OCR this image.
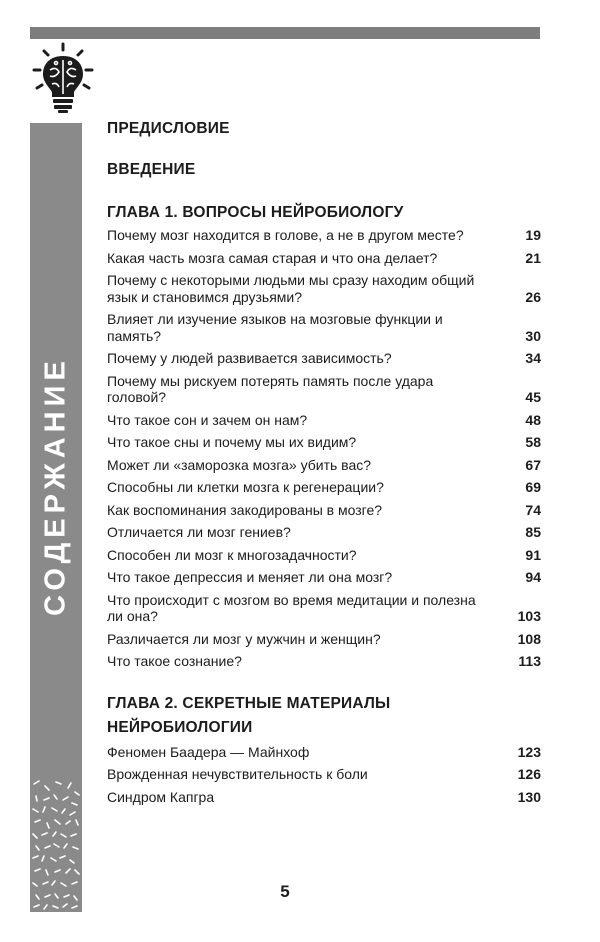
СОДЕРЖАНИЕ
ПРЕДИСЛОВИЕ
ВВЕДЕНИЕ
ГЛАВА 1. ВОПРОСЫ НЕЙРОБИОЛОГУ
Почему мозг находится в голове, а не в другом месте?	19
Какая часть мозга самая старая и что она делает?	21
Почему с некоторыми людьми мы сразу находим общий язык и становимся друзьями?	26
Влияет ли изучение языков на мозговые функции и память?	30
Почему у людей развивается зависимость?	34
Почему мы рискуем потерять память после удара головой?	45
Что такое сон и зачем он нам?	48
Что такое сны и почему мы их видим?	58
Может ли «заморозка мозга» убить вас?	67
Способны ли клетки мозга к регенерации?	69
Как воспоминания закодированы в мозге?	74
Отличается ли мозг гениев?	85
Способен ли мозг к многозадачности?	91
Что такое депрессия и меняет ли она мозг?	94
Что происходит с мозгом во время медитации и полезна ли она?	103
Различается ли мозг у мужчин и женщин?	108
Что такое сознание?	113
ГЛАВА 2. СЕКРЕТНЫЕ МАТЕРИАЛЫ
НЕЙРОБИОЛОГИИ
Феномен Баадера — Майнхоф	123
Врожденная нечувствительность к боли	126
Синдром Капгра	130
5
